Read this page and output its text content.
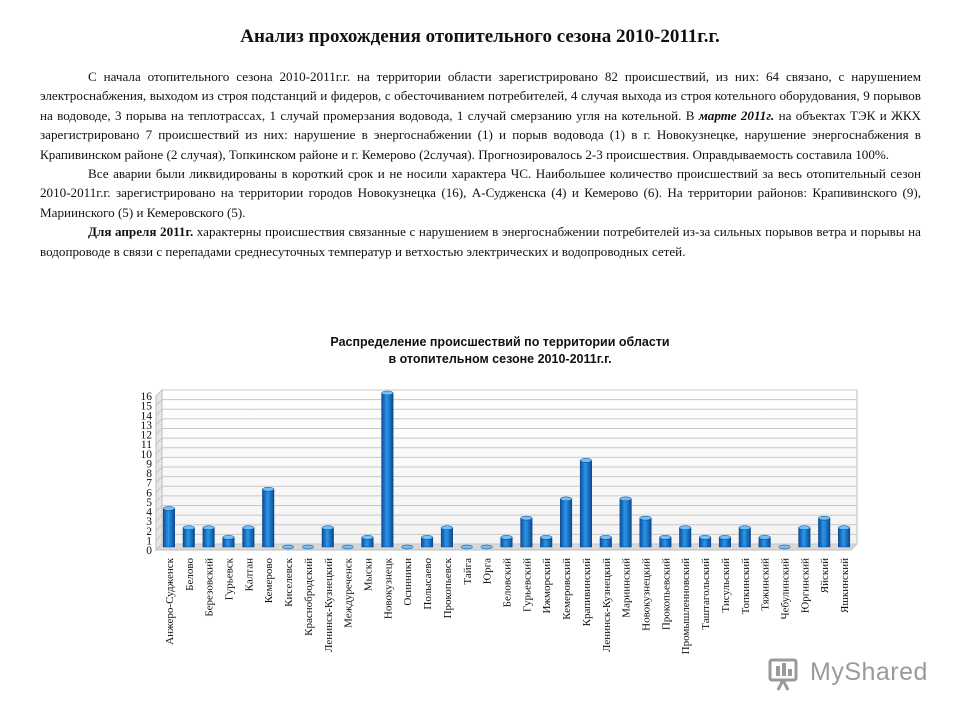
Анализ прохождения отопительного сезона 2010-2011г.г.

С начала отопительного сезона 2010-2011г.г. на территории области зарегистрировано 82 происшествий, из них: 64 связано, с нарушением электроснабжения, выходом из строя подстанций и фидеров, с обесточиванием потребителей, 4 случая выхода из строя котельного оборудования, 9 порывов на водоводе, 3 порыва на теплотрассах, 1 случай промерзания водовода, 1 случай смерзанию угля на котельной. В марте 2011г. на объектах ТЭК и ЖКХ зарегистрировано 7 происшествий из них: нарушение в энергоснабжении (1) и порыв водовода (1) в г. Новокузнецке, нарушение энергоснабжения в Крапивинском районе (2 случая), Топкинском районе и г. Кемерово (2случая). Прогнозировалось 2-3 происшествия. Оправдываемость составила 100%.

Все аварии были ликвидированы в короткий срок и не носили характера ЧС. Наибольшее количество происшествий за весь отопительный сезон 2010-2011г.г. зарегистрировано на территории городов Новокузнецка (16), А-Судженска (4) и Кемерово (6). На территории районов: Крапивинского (9), Мариинского (5) и Кемеровского (5).

Для апреля 2011г. характерны происшествия связанные с нарушением в энергоснабжении потребителей из-за сильных порывов ветра и порывы на водопроводе в связи с перепадами среднесуточных температур и ветхостью электрических и водопроводных сетей.

Распределение происшествий по территории области
в отопительном сезоне 2010-2011г.г.
0
1
2
3
4
5
6
7
8
9
10
11
12
13
14
15
16
Анжеро-Судженск Белово Березовский Гурьевск Калтан Кемерово Киселевск Краснобродский Ленинск-Кузнецкий Междуреченск Мыски Новокузнецк Осинники Полысаево Прокопьевск Тайга Юрга Беловский Гурьевский Ижморский Кемеровский Крапивинский Ленинск-Кузнецкий Мариинский Новокузнецкий Прокопьевский Промышленновский Таштагольский Тисульский Топкинский Тяжинский Чебулинский Юргинский Яйский Яшкинский
MyShared
